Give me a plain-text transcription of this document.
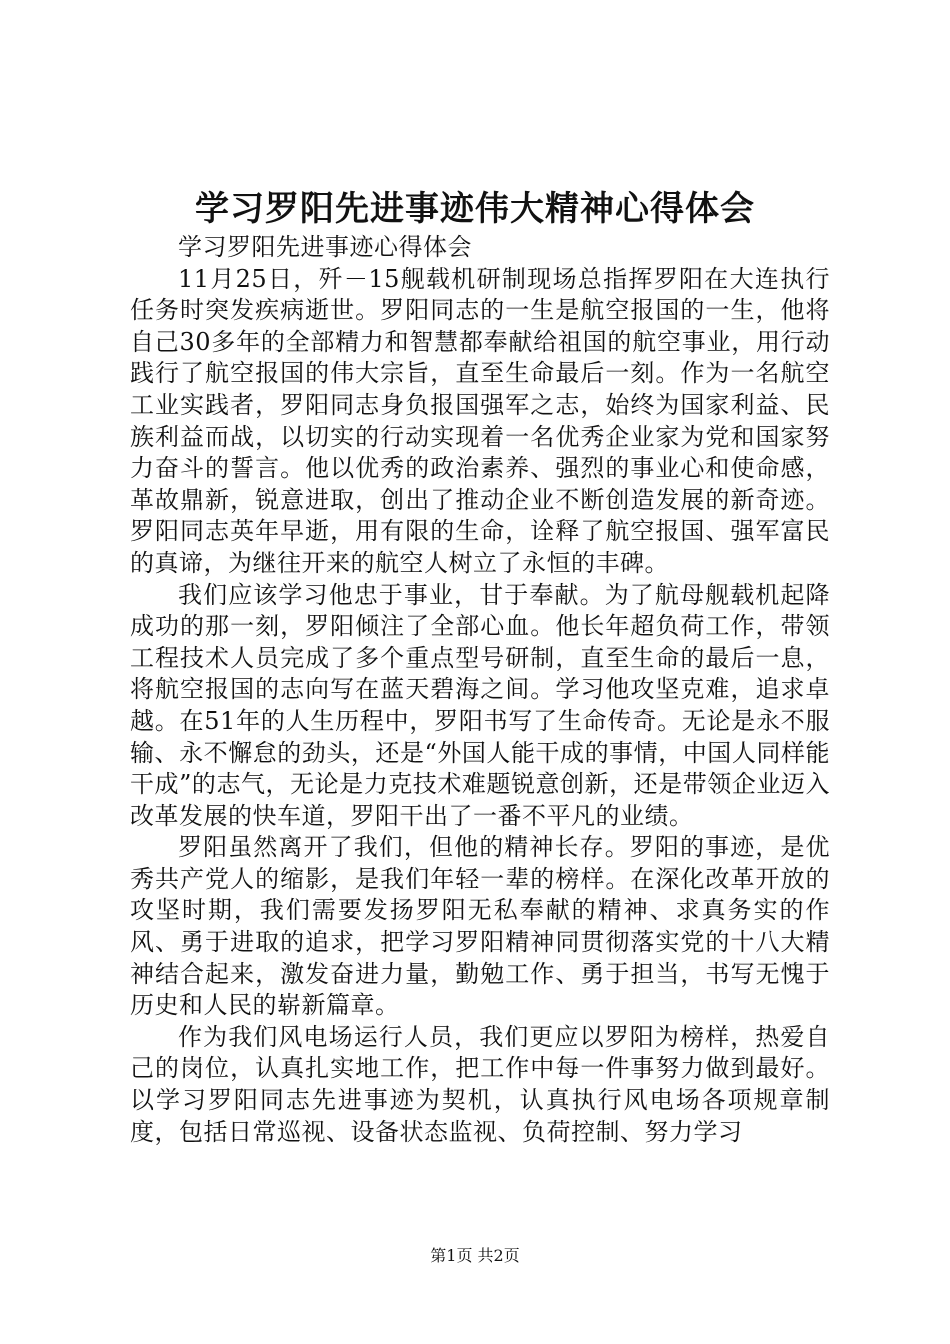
学习罗阳先进事迹伟大精神心得体会

学习罗阳先进事迹心得体会

11月25日，歼－15舰载机研制现场总指挥罗阳在大连执行任务时突发疾病逝世。罗阳同志的一生是航空报国的一生，他将自己30多年的全部精力和智慧都奉献给祖国的航空事业，用行动践行了航空报国的伟大宗旨，直至生命最后一刻。作为一名航空工业实践者，罗阳同志身负报国强军之志，始终为国家利益、民族利益而战，以切实的行动实现着一名优秀企业家为党和国家努力奋斗的誓言。他以优秀的政治素养、强烈的事业心和使命感，革故鼎新，锐意进取，创出了推动企业不断创造发展的新奇迹。罗阳同志英年早逝，用有限的生命，诠释了航空报国、强军富民的真谛，为继往开来的航空人树立了永恒的丰碑。

我们应该学习他忠于事业，甘于奉献。为了航母舰载机起降成功的那一刻，罗阳倾注了全部心血。他长年超负荷工作，带领工程技术人员完成了多个重点型号研制，直至生命的最后一息，将航空报国的志向写在蓝天碧海之间。学习他攻坚克难，追求卓越。在51年的人生历程中，罗阳书写了生命传奇。无论是永不服输、永不懈怠的劲头，还是“外国人能干成的事情，中国人同样能干成”的志气，无论是力克技术难题锐意创新，还是带领企业迈入改革发展的快车道，罗阳干出了一番不平凡的业绩。

罗阳虽然离开了我们，但他的精神长存。罗阳的事迹，是优秀共产党人的缩影，是我们年轻一辈的榜样。在深化改革开放的攻坚时期，我们需要发扬罗阳无私奉献的精神、求真务实的作风、勇于进取的追求，把学习罗阳精神同贯彻落实党的十八大精神结合起来，激发奋进力量，勤勉工作、勇于担当，书写无愧于历史和人民的崭新篇章。

作为我们风电场运行人员，我们更应以罗阳为榜样，热爱自己的岗位，认真扎实地工作，把工作中每一件事努力做到最好。以学习罗阳同志先进事迹为契机，认真执行风电场各项规章制度，包括日常巡视、设备状态监视、负荷控制、努力学习

第1页 共2页
